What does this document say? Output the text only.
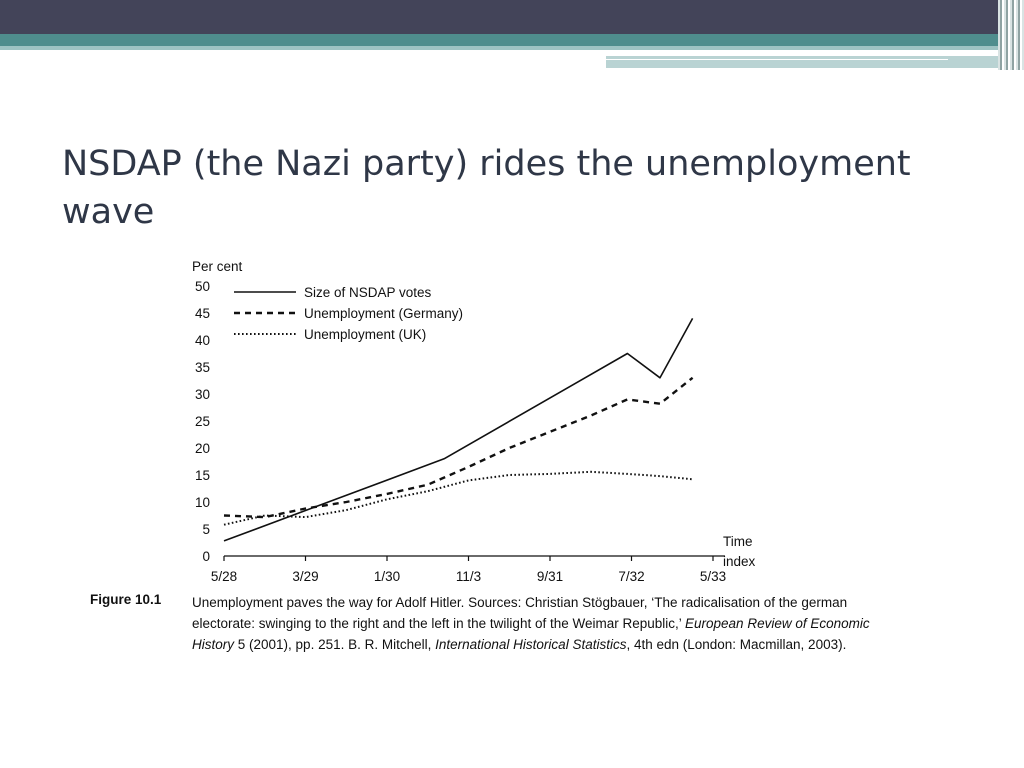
NSDAP (the Nazi party) rides the unemployment wave
0
5
10
15
20
25
30
35
40
45
50
5/28	3/29	1/30	11/3	9/31	7/32	5/33
Per cent
Time
index
Size of NSDAP votes
Unemployment (Germany)
Unemployment (UK)
Figure 10.1 Unemployment paves the way for Adolf Hitler. Sources: Christian Stögbauer, ‘The radicalisation of the german electorate: swinging to the right and the left in the twilight of the Weimar Republic,’ European Review of Economic History 5 (2001), pp. 251. B. R. Mitchell, International Historical Statistics, 4th edn (London: Macmillan, 2003).
